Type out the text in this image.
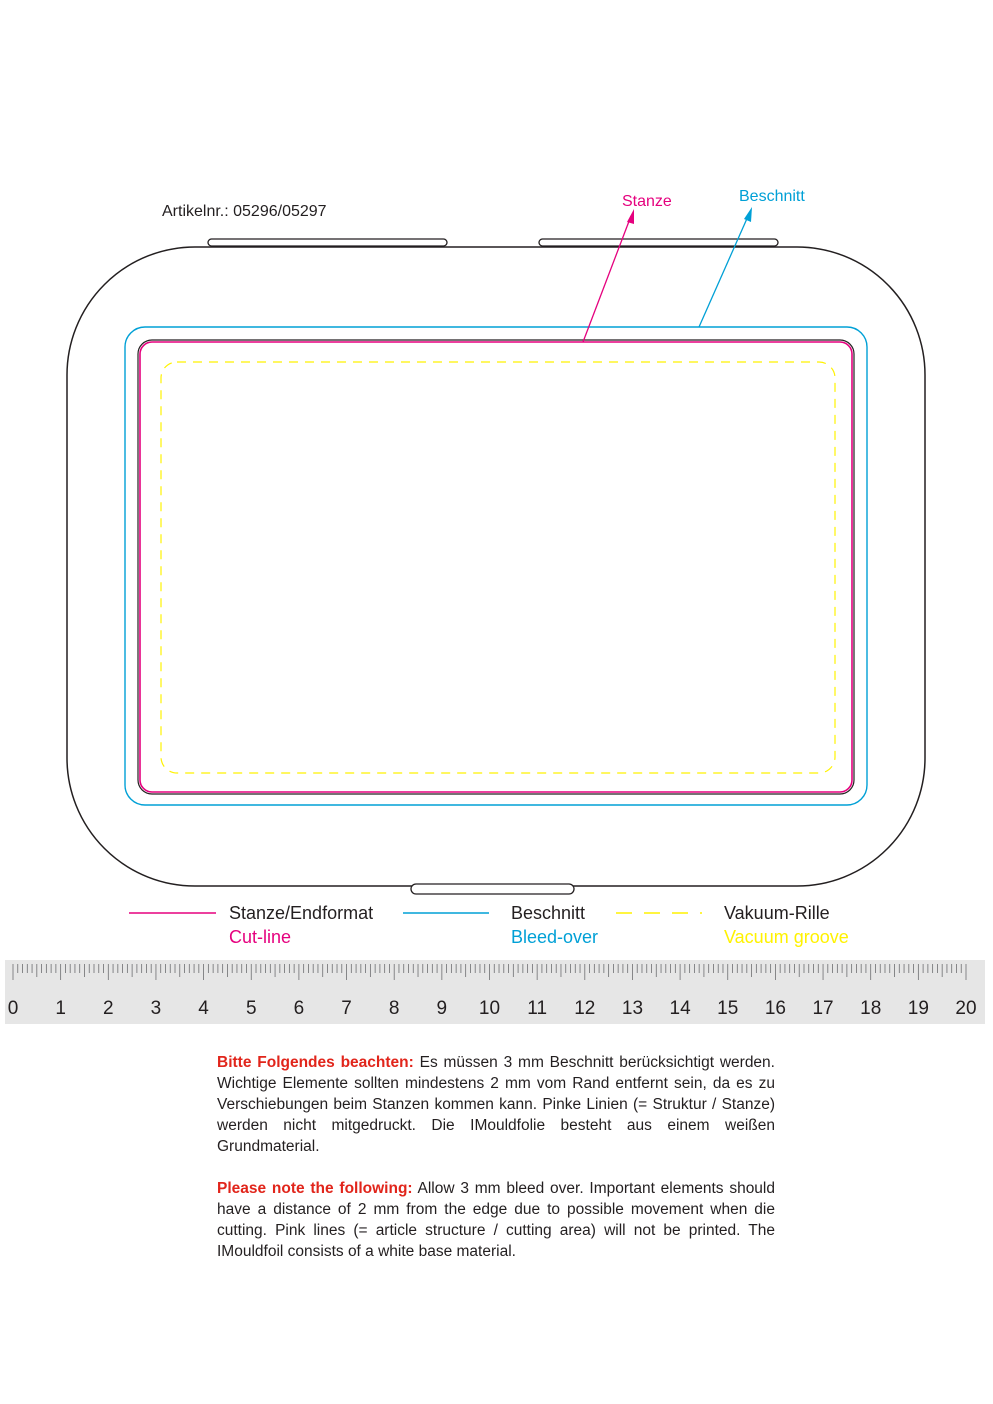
Stanze	Beschnitt
Artikelnr.: 05296/05297
Stanze/Endformat
Cut-line
Beschnitt
Bleed-over
Vakuum-Rille
Vacuum groove
0 1 2 3 4 5 6 7 8 9 10 11 12 13 14 15 16 17 18 19 20

Bitte Folgendes beachten: Es müssen 3 mm Beschnitt berücksichtigt werden. Wichtige Elemente sollten mindestens 2 mm vom Rand entfernt sein, da es zu Verschiebungen beim Stanzen kommen kann. Pinke Linien (= Struktur / Stanze) werden nicht mitgedruckt. Die IMouldfolie besteht aus einem weißen Grundmaterial.

Please note the following: Allow 3 mm bleed over. Important elements should have a distance of 2 mm from the edge due to possible movement when die cutting. Pink lines (= article structure / cutting area) will not be printed. The IMouldfoil consists of a white base material.
